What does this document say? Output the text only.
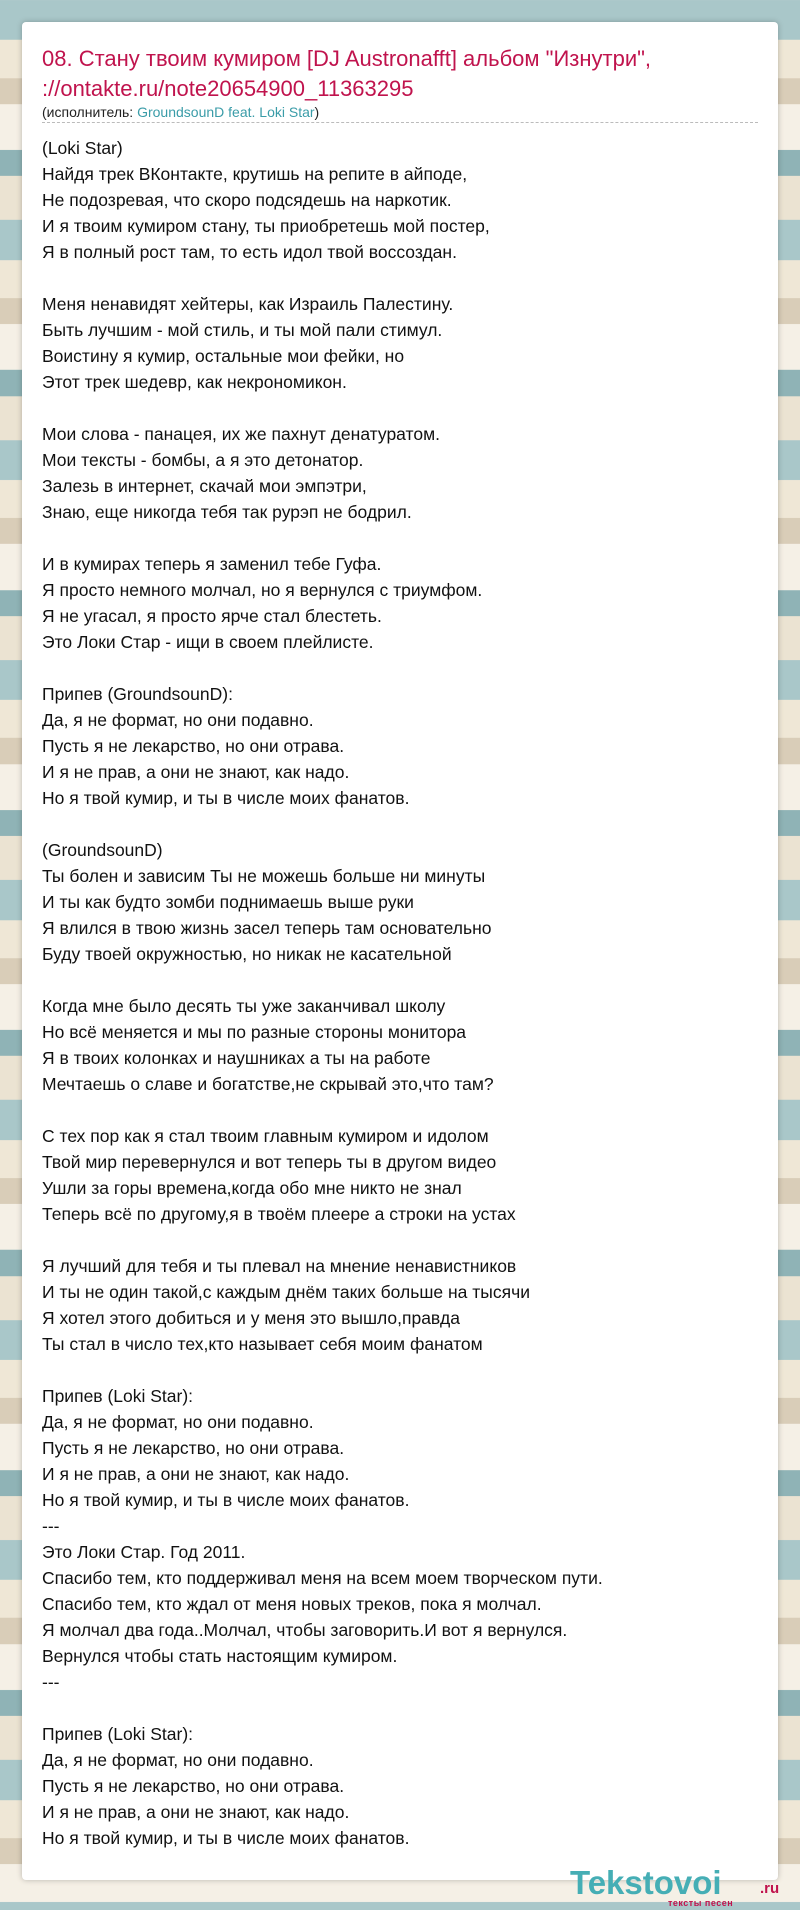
08. Стану твоим кумиром [DJ Austronafft] альбом "Изнутри", ://ontakte.ru/note20654900_11363295
(исполнитель: GroundsounD feat. Loki Star)
(Loki Star)
Найдя трек ВКонтакте, крутишь на репите в айподе,
Не подозревая, что скоро подсядешь на наркотик.
И я твоим кумиром стану, ты приобретешь мой постер,
Я в полный рост там, то есть идол твой воссоздан.
Меня ненавидят хейтеры, как Израиль Палестину.
Быть лучшим - мой стиль, и ты мой пали стимул.
Воистину я кумир, остальные мои фейки, но
Этот трек шедевр, как некрономикон.
Мои слова - панацея, их же пахнут денатуратом.
Мои тексты - бомбы, а я это детонатор.
Залезь в интернет, скачай мои эмпэтри,
Знаю, еще никогда тебя так рурэп не бодрил.
И в кумирах теперь я заменил тебе Гуфа.
Я просто немного молчал, но я вернулся с триумфом.
Я не угасал, я просто ярче стал блестеть.
Это Локи Стар - ищи в своем плейлисте.
Припев (GroundsounD):
Да, я не формат, но они подавно.
Пусть я не лекарство, но они отрава.
И я не прав, а они не знают, как надо.
Но я твой кумир, и ты в числе моих фанатов.
(GroundsounD)
Ты болен и зависим Ты не можешь больше ни минуты
И ты как будто зомби поднимаешь выше руки
Я влился в твою жизнь засел теперь там основательно
Буду твоей окружностью, но никак не касательной
Когда мне было десять ты уже заканчивал школу
Но всё меняется и мы по разные стороны монитора
Я в твоих колонках и наушниках а ты на работе
Мечтаешь о славе и богатстве,не скрывай это,что там?
С тех пор как я стал твоим главным кумиром и идолом
Твой мир перевернулся и вот теперь ты в другом видео
Ушли за горы времена,когда обо мне никто не знал
Теперь всё по другому,я в твоём плеере а строки на устах
Я лучший для тебя и ты плевал на мнение ненавистников
И ты не один такой,с каждым днём таких больше на тысячи
Я хотел этого добиться и у меня это вышло,правда
Ты стал в число тех,кто называет себя моим фанатом
Припев (Loki Star):
Да, я не формат, но они подавно.
Пусть я не лекарство, но они отрава.
И я не прав, а они не знают, как надо.
Но я твой кумир, и ты в числе моих фанатов.
---
Это Локи Стар. Год 2011.
Спасибо тем, кто поддерживал меня на всем моем творческом пути.
Спасибо тем, кто ждал от меня новых треков, пока я молчал.
Я молчал два года..Молчал, чтобы заговорить.И вот я вернулся.
Вернулся чтобы стать настоящим кумиром.
---
Припев (Loki Star):
Да, я не формат, но они подавно.
Пусть я не лекарство, но они отрава.
И я не прав, а они не знают, как надо.
Но я твой кумир, и ты в числе моих фанатов.
Tekstovoi	.ru
тексты песен
